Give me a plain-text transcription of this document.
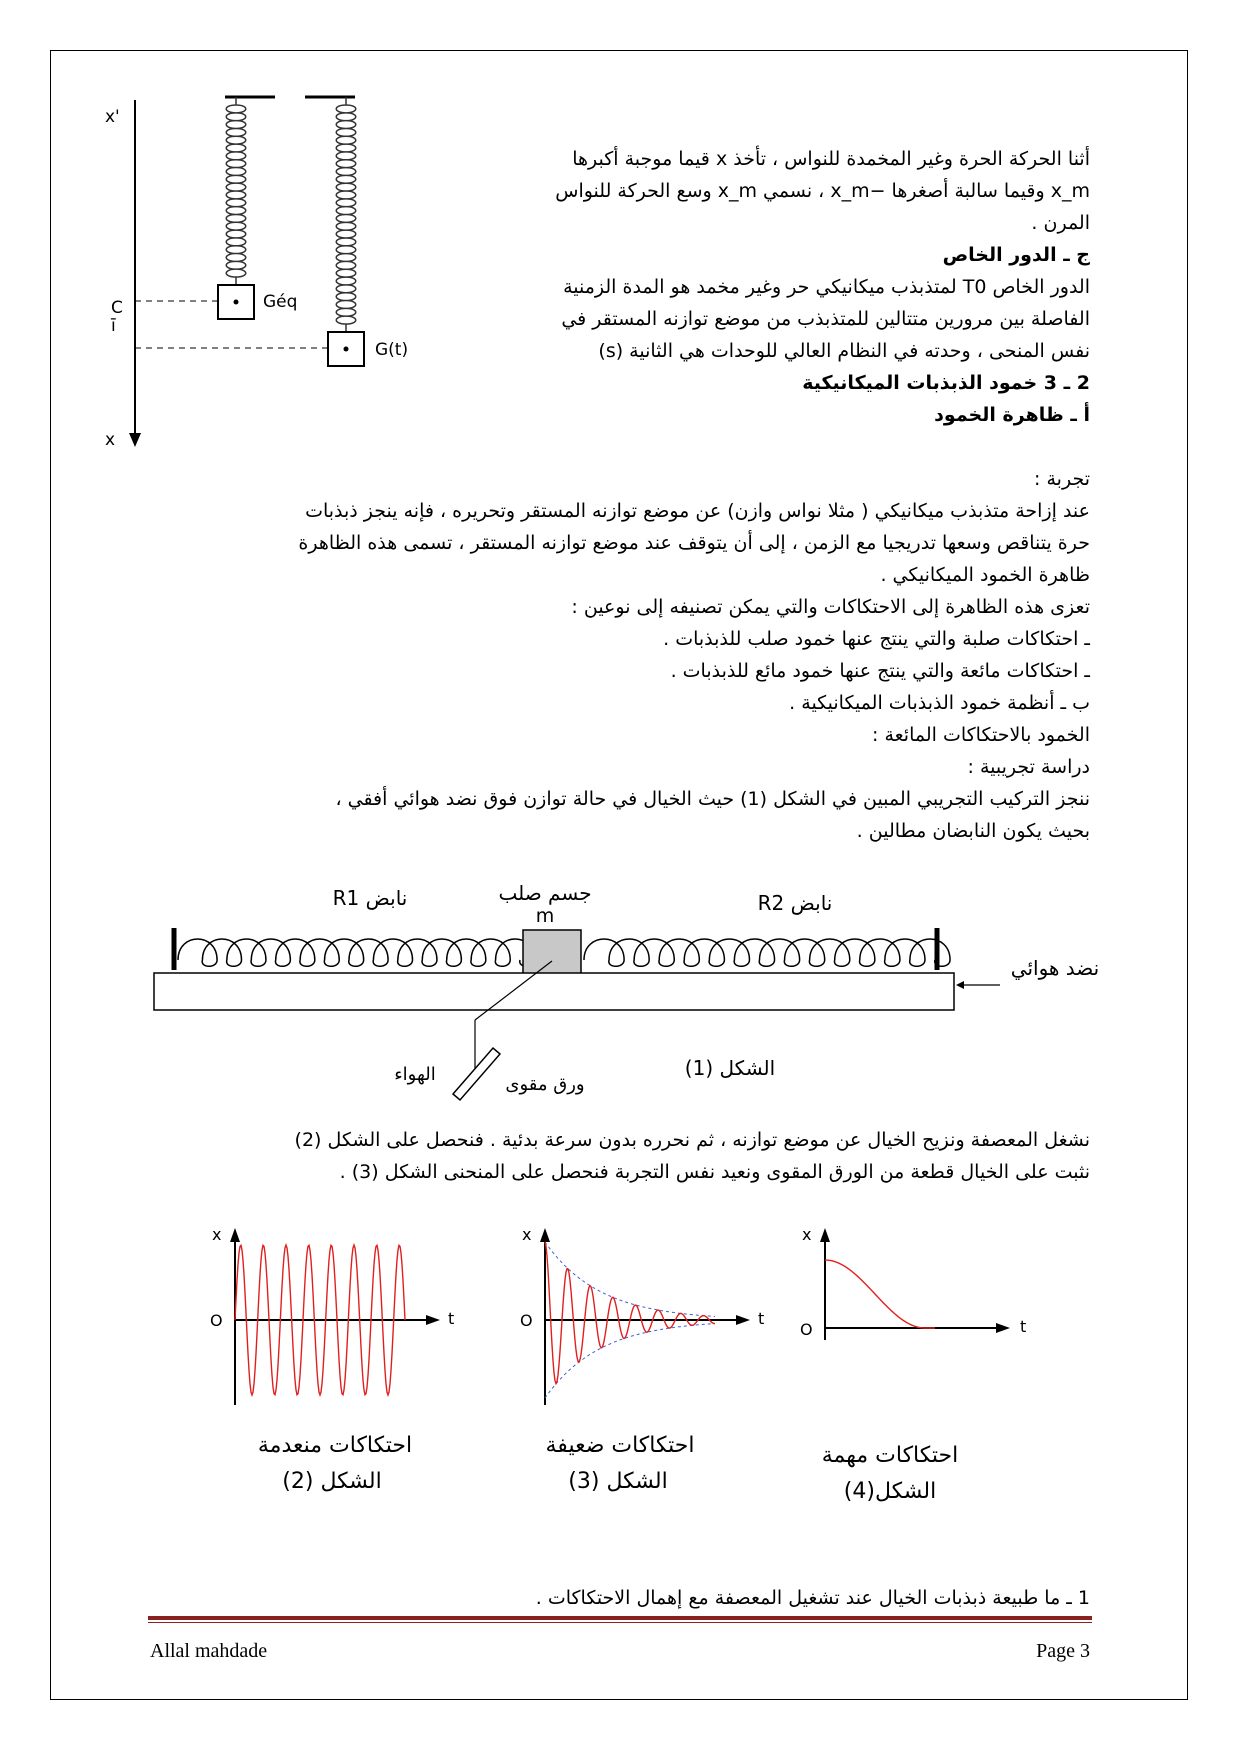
x'
x
C
ī
Géq
G(t)
أثنا الحركة الحرة وغير المخمدة للنواس ، تأخذ x قيما موجبة أكبرها
x_m وقيما سالبة أصغرها −x_m ، نسمي x_m وسع الحركة للنواس
المرن .
ج ـ الدور الخاص
الدور الخاص T0 لمتذبذب ميكانيكي حر وغير مخمد هو المدة الزمنية
الفاصلة بين مرورين متتالين للمتذبذب من موضع توازنه المستقر في
نفس المنحى ، وحدته في النظام العالي للوحدات هي الثانية (s)
2 ـ 3 خمود الذبذبات الميكانيكية
أ ـ ظاهرة الخمود
تجربة :
عند إزاحة متذبذب ميكانيكي ( مثلا نواس وازن) عن موضع توازنه المستقر وتحريره ، فإنه ينجز ذبذبات
حرة يتناقص وسعها تدريجيا مع الزمن ، إلى أن يتوقف عند موضع توازنه المستقر ، تسمى هذه الظاهرة
ظاهرة الخمود الميكانيكي .
تعزى هذه الظاهرة إلى الاحتكاكات والتي يمكن تصنيفه إلى نوعين :
ـ احتكاكات صلبة والتي ينتج عنها خمود صلب للذبذبات .
ـ احتكاكات مائعة والتي ينتج عنها خمود مائع للذبذبات .
ب ـ أنظمة خمود الذبذبات الميكانيكية .
الخمود بالاحتكاكات المائعة :
دراسة تجريبية :
ننجز التركيب التجريبي المبين في الشكل (1) حيث الخيال في حالة توازن فوق نضد هوائي أفقي ،
بحيث يكون النابضان مطالين .
نابض R1	جسم صلب
m
نابض R2
نضد هوائي
الهواء	ورق مقوى
الشكل (1)
نشغل المعصفة ونزيح الخيال عن موضع توازنه ، ثم نحرره بدون سرعة بدئية . فنحصل على الشكل (2)
نثبت على الخيال قطعة من الورق المقوى ونعيد نفس التجربة فنحصل على المنحنى الشكل (3) .
x
O	t
x
O	t
x
O	t
احتكاكات منعدمة
الشكل (2)
احتكاكات ضعيفة
الشكل (3)
احتكاكات مهمة
الشكل(4)
1 ـ ما طبيعة ذبذبات الخيال عند تشغيل المعصفة مع إهمال الاحتكاكات .
Allal mahdade	Page 3
